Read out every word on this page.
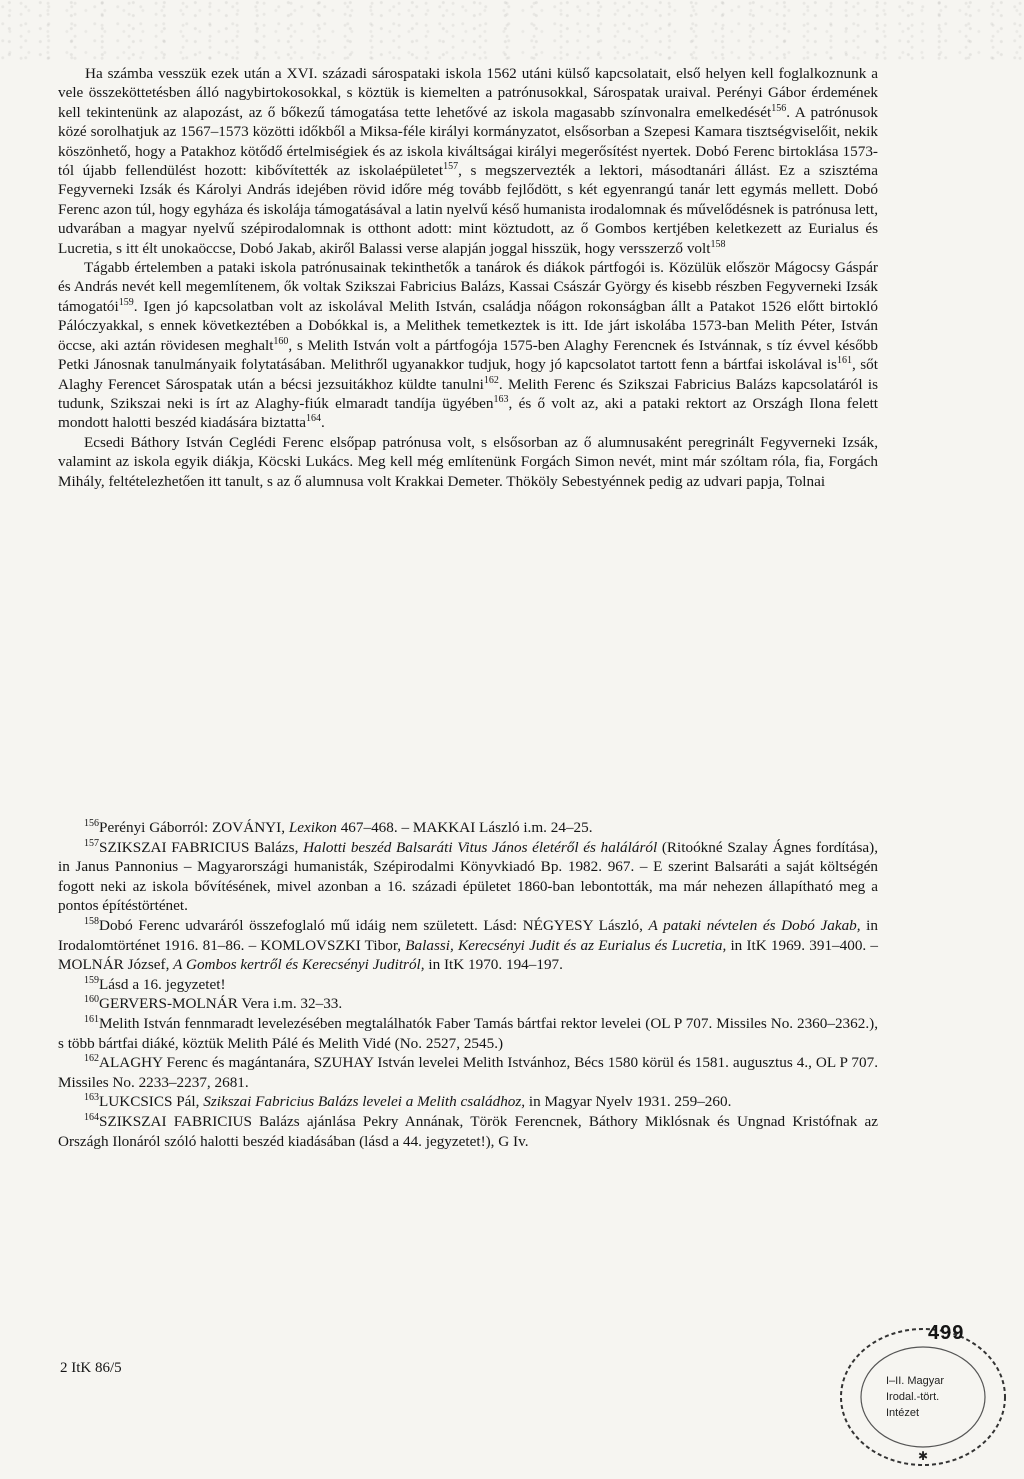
Ha számba vesszük ezek után a XVI. századi sárospataki iskola 1562 utáni külső kapcsolatait, első helyen kell foglalkoznunk a vele összeköttetésben álló nagybirtokosokkal, s köztük is kiemelten a patrónusokkal, Sárospatak uraival. Perényi Gábor érdemének kell tekintenünk az alapozást, az ő bőkezű támogatása tette lehetővé az iskola magasabb színvonalra emelkedését$^{156}$. A patrónusok közé sorolhatjuk az 1567–1573 közötti időkből a Miksa-féle királyi kormányzatot, elsősorban a Szepesi Kamara tisztségviselőit, nekik köszönhető, hogy a Patakhoz kötődő értelmiségiek és az iskola kiváltságai királyi megerősítést nyertek. Dobó Ferenc birtoklása 1573-tól újabb fellendülést hozott: kibővítették az iskolaépületet$^{157}$, s megszervezték a lektori, másodtanári állást. Ez a szisztéma Fegyverneki Izsák és Károlyi András idejében rövid időre még tovább fejlődött, s két egyenrangú tanár lett egymás mellett. Dobó Ferenc azon túl, hogy egyháza és iskolája támogatásával a latin nyelvű késő humanista irodalomnak és művelődésnek is patrónusa lett, udvarában a magyar nyelvű szépirodalomnak is otthont adott: mint köztudott, az ő Gombos kertjében keletkezett az Eurialus és Lucretia, s itt élt unokaöccse, Dobó Jakab, akiről Balassi verse alapján joggal hisszük, hogy versszerző volt$^{158}$

Tágabb értelemben a pataki iskola patrónusainak tekinthetők a tanárok és diákok pártfogói is. Közülük először Mágocsy Gáspár és András nevét kell megemlítenem, ők voltak Szikszai Fabricius Balázs, Kassai Császár György és kisebb részben Fegyverneki Izsák támogatói$^{159}$. Igen jó kapcsolatban volt az iskolával Melith István, családja nőágon rokonságban állt a Patakot 1526 előtt birtokló Pálóczyakkal, s ennek következtében a Dobókkal is, a Melithek temetkeztek is itt. Ide járt iskolába 1573-ban Melith Péter, István öccse, aki aztán rövidesen meghalt$^{160}$, s Melith István volt a pártfogója 1575-ben Alaghy Ferencnek és Istvánnak, s tíz évvel később Petki Jánosnak tanulmányaik folytatásában. Melithről ugyanakkor tudjuk, hogy jó kapcsolatot tartott fenn a bártfai iskolával $is^{161}$, sőt Alaghy Ferencet Sárospatak után a bécsi jezsuitákhoz küldte tanulni$^{162}$. Melith Ferenc és Szikszai Fabricius Balázs kapcsolatáról is tudunk, Szikszai neki is írt az Alaghy-fiúk elmaradt tandíja ügyében$^{163}$, és ő volt az, aki a pataki rektort az Országh Ilona felett mondott halotti beszéd kiadására biztatta$^{164}$.

Ecsedi Báthory István Ceglédi Ferenc elsőpap patrónusa volt, s elsősorban az ő alumnusaként peregrinált Fegyverneki Izsák, valamint az iskola egyik diákja, Köcski Lukács. Meg kell még említenünk Forgách Simon nevét, mint már szóltam róla, fia, Forgách Mihály, feltételezhetően itt tanult, s az ő alumnusa volt Krakkai Demeter. Thököly Sebestyénnek pedig az udvari papja, Tolnai

$^{156}$Perényi Gáborról: ZOVÁNYI, Lexikon 467–468. – MAKKAI László i.m. 24–25.

$^{157}$SZIKSZAI FABRICIUS Balázs, Halotti beszéd Balsaráti Vitus János életéről és haláláról (Ritoókné Szalay Ágnes fordítása), in Janus Pannonius – Magyarországi humanisták, Szépirodalmi Könyvkiadó Bp. 1982. 967. – E szerint Balsaráti a saját költségén fogott neki az iskola bővítésének, mivel azonban a 16. századi épületet 1860-ban lebontották, ma már nehezen állapítható meg a pontos építéstörténet.

$^{158}$Dobó Ferenc udvaráról összefoglaló mű idáig nem született. Lásd: NÉGYESY László, A pataki névtelen és Dobó Jakab, in Irodalomtörténet 1916. 81–86. – KOMLOVSZKI Tibor, Balassi, Kerecsényi Judit és az Eurialus és Lucretia, in ItK 1969. 391–400. – MOLNÁR József, A Gombos kertről és Kerecsényi Juditról, in ItK 1970. 194–197.

$^{159}$Lásd a 16. jegyzetet!

$^{160}$GERVERS-MOLNÁR Vera i.m. 32–33.

$^{161}$Melith István fennmaradt levelezésében megtalálhatók Faber Tamás bártfai rektor levelei (OL P 707. Missiles No. 2360–2362.), s több bártfai diáké, köztük Melith Pálé és Melith Vidé (No. 2527, 2545.)

$^{162}$ALAGHY Ferenc és magántanára, SZUHAY István levelei Melith Istvánhoz, Bécs 1580 körül és 1581. augusztus 4., OL P 707. Missiles No. 2233–2237, 2681.

$^{163}$LUKCSICS Pál, Szikszai Fabricius Balázs levelei a Melith családhoz, in Magyar Nyelv 1931. 259–260.

$^{164}$SZIKSZAI FABRICIUS Balázs ajánlása Pekry Annának, Török Ferencnek, Báthory Miklósnak és Ungnad Kristófnak az Országh Ilonáról szóló halotti beszéd kiadásában (lásd a 44. jegyzetet!), G Iv.

2 ItK 86/5
I–II. Magyar
Irodal.-tört.
Intézet
✱
499
